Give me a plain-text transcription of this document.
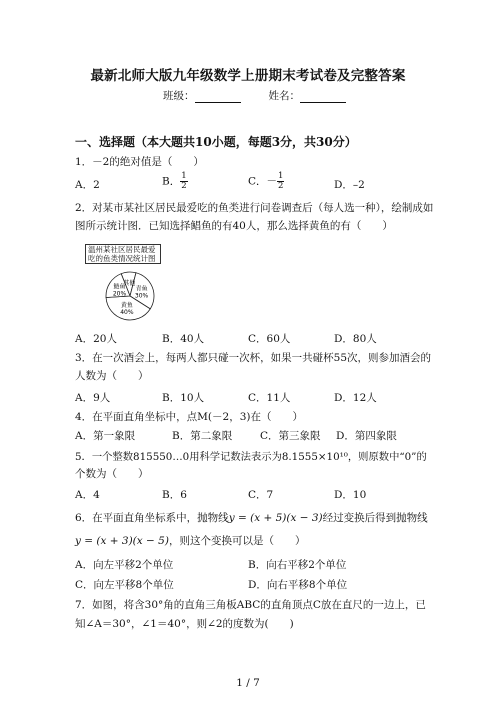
最新北师大版九年级数学上册期末考试卷及完整答案
班级：	姓名：
一、选择题（本大题共10小题，每题3分，共30分）
1．－2的绝对值是（　　）
A．2	B． $\frac{1}{2}$	C．－ $\frac{1}{2}$	D．–2
2．对某市某社区居民最爱吃的鱼类进行问卷调查后（每人选一种），绘制成如
图所示统计图．已知选择鲳鱼的有40人，那么选择黄鱼的有（　　）
温州某社区居民最爱吃的鱼类情况统计图
青鱼
30%
黄鱼
40%
鲢鱼
20%
其他
A．20人	B．40人	C．60人	D．80人
3．在一次酒会上，每两人都只碰一次杯，如果一共碰杯55次，则参加酒会的
人数为（　　）
A．9人	B．10人	C．11人	D．12人
4．在平面直角坐标中，点M(－2，3)在（　　）
A．第一象限	B．第二象限	C．第三象限 D．第四象限
5．一个整数815550…0用科学记数法表示为8.1555×10¹⁰，则原数中“0”的
个数为（　　）
A．4	B．6	C．7	D．10
6．在平面直角坐标系中，抛物线y = (x + 5)(x − 3)经过变换后得到抛物线
y = (x + 3)(x − 5)，则这个变换可以是（　　）
A．向左平移2个单位	B．向右平移2个单位
C．向左平移8个单位	D．向右平移8个单位
7．如图，将含30°角的直角三角板ABC的直角顶点C放在直尺的一边上，已
知∠A＝30°，∠1＝40°，则∠2的度数为(　　)
1 / 7
